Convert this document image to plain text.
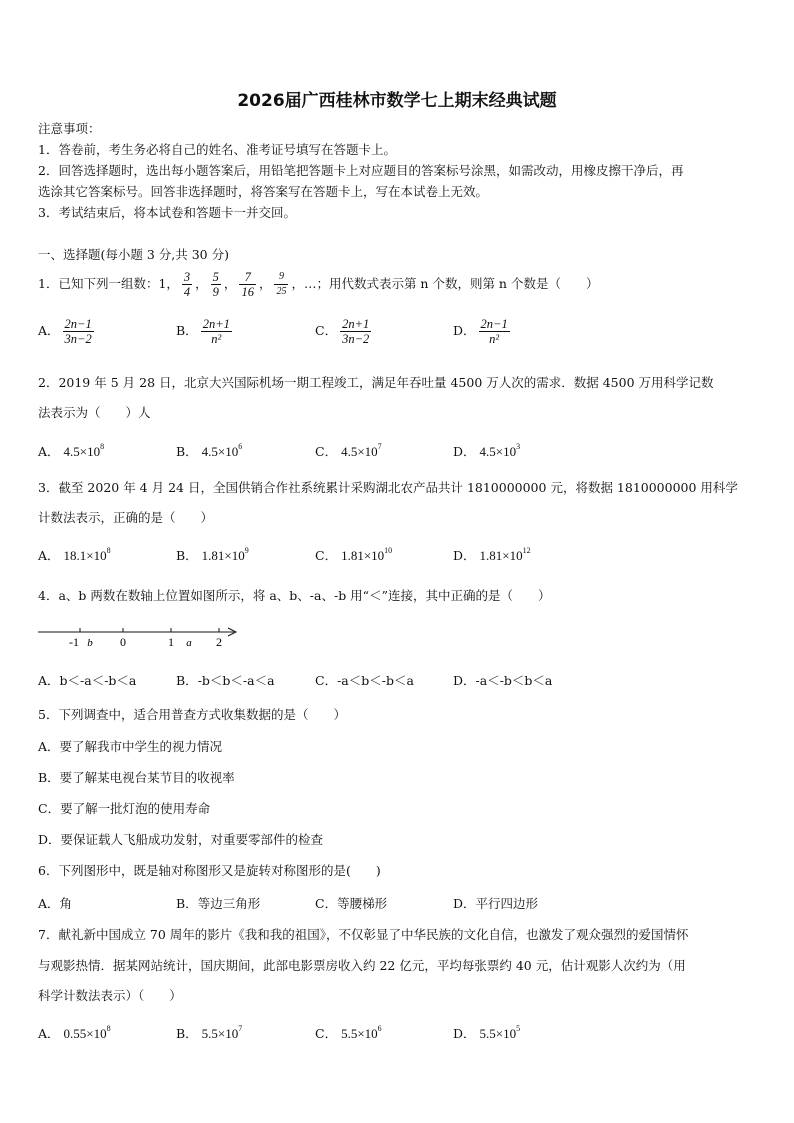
2026届广西桂林市数学七上期末经典试题
注意事项：
1．答卷前，考生务必将自己的姓名、准考证号填写在答题卡上。
2．回答选择题时，选出每小题答案后，用铅笔把答题卡上对应题目的答案标号涂黑，如需改动，用橡皮擦干净后，再
选涂其它答案标号。回答非选择题时，将答案写在答题卡上，写在本试卷上无效。
3．考试结束后，将本试卷和答题卡一并交回。
一、选择题(每小题 3 分,共 30 分)
1．已知下列一组数：1， $\frac{3}{4}$ ， $\frac{5}{9}$ ， $\frac{7}{16}$ ， $\frac{9}{25}$ ，…；用代数式表示第 n 个数，则第 n 个数是（　　）
A． $\frac{2n-1}{3n-2}$	B． $\frac{2n+1}{\text{n²}}$	C． $\frac{2n+1}{3n-2}$	D． $\frac{2n-1}{\text{n²}}$
2．2019 年 5 月 28 日，北京大兴国际机场一期工程竣工，满足年吞吐量 4500 万人次的需求．数据 4500 万用科学记数
法表示为（　　）人
A． $4.5\times 10^8$	B． $4.5\times 10^6$	C． $4.5\times 10^7$	D． $4.5\times 10^3$
3．截至 2020 年 4 月 24 日，全国供销合作社系统累计采购湖北农产品共计 1810000000 元，将数据 1810000000 用科学
计数法表示，正确的是（　　）
A． $18.1\times 10^8$	B． $1.81\times 10^9$	C． $1.81\times 10^{10}$	D． $1.81\times 10^{12}$
4．a、b 两数在数轴上位置如图所示，将 a、b、-a、-b 用“＜”连接，其中正确的是（　　）
-1 b 0	1 a 2
A．b＜-a＜-b＜a	B．-b＜b＜-a＜a	C．-a＜b＜-b＜a	D．-a＜-b＜b＜a
5．下列调查中，适合用普查方式收集数据的是（　　）
A．要了解我市中学生的视力情况
B．要了解某电视台某节目的收视率
C．要了解一批灯泡的使用寿命
D．要保证载人飞船成功发射，对重要零部件的检查
6．下列图形中，既是轴对称图形又是旋转对称图形的是(　　)
A．角	B．等边三角形	C．等腰梯形	D．平行四边形
7．献礼新中国成立 70 周年的影片《我和我的祖国》，不仅彰显了中华民族的文化自信，也激发了观众强烈的爱国情怀
与观影热情．据某网站统计，国庆期间，此部电影票房收入约 22 亿元，平均每张票约 40 元，估计观影人次约为（用
科学计数法表示）（　　）
A． $0.55\times 10^8$	B． $5.5\times 10^7$	C． $5.5\times 10^6$	D． $5.5\times 10^5$
